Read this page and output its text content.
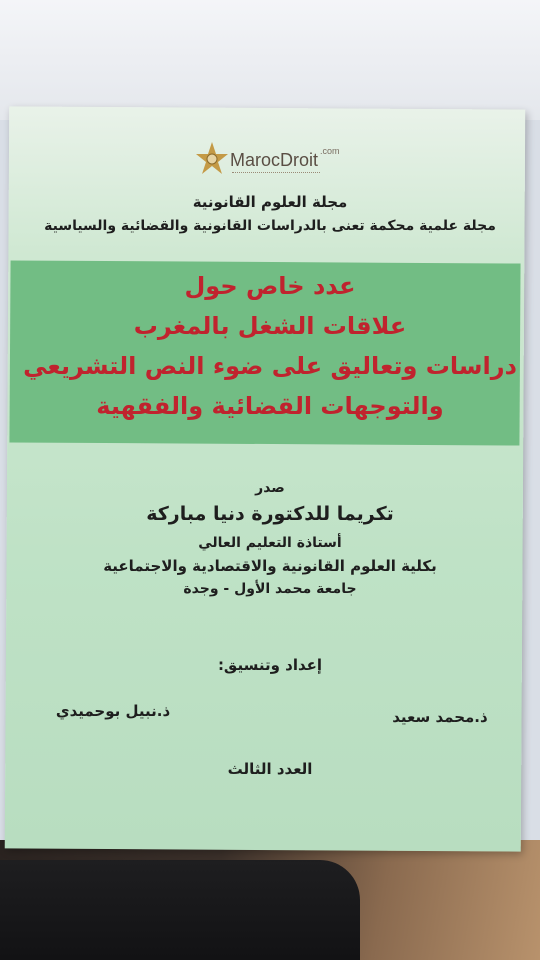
MarocDroit .com
مجلة العلوم القانونية
مجلة علمية محكمة تعنى بالدراسات القانونية والقضائية والسياسية
عدد خاص حول
علاقات الشغل بالمغرب
دراسات وتعاليق على ضوء النص التشريعي
والتوجهات القضائية والفقهية
صدر
تكريما للدكتورة دنيا مباركة
أستاذة التعليم العالي
بكلية العلوم القانونية والاقتصادية والاجتماعية
جامعة محمد الأول - وجدة
إعداد وتنسيق:
ذ.محمد سعيد
ذ.نبيل بوحميدي
العدد الثالث
